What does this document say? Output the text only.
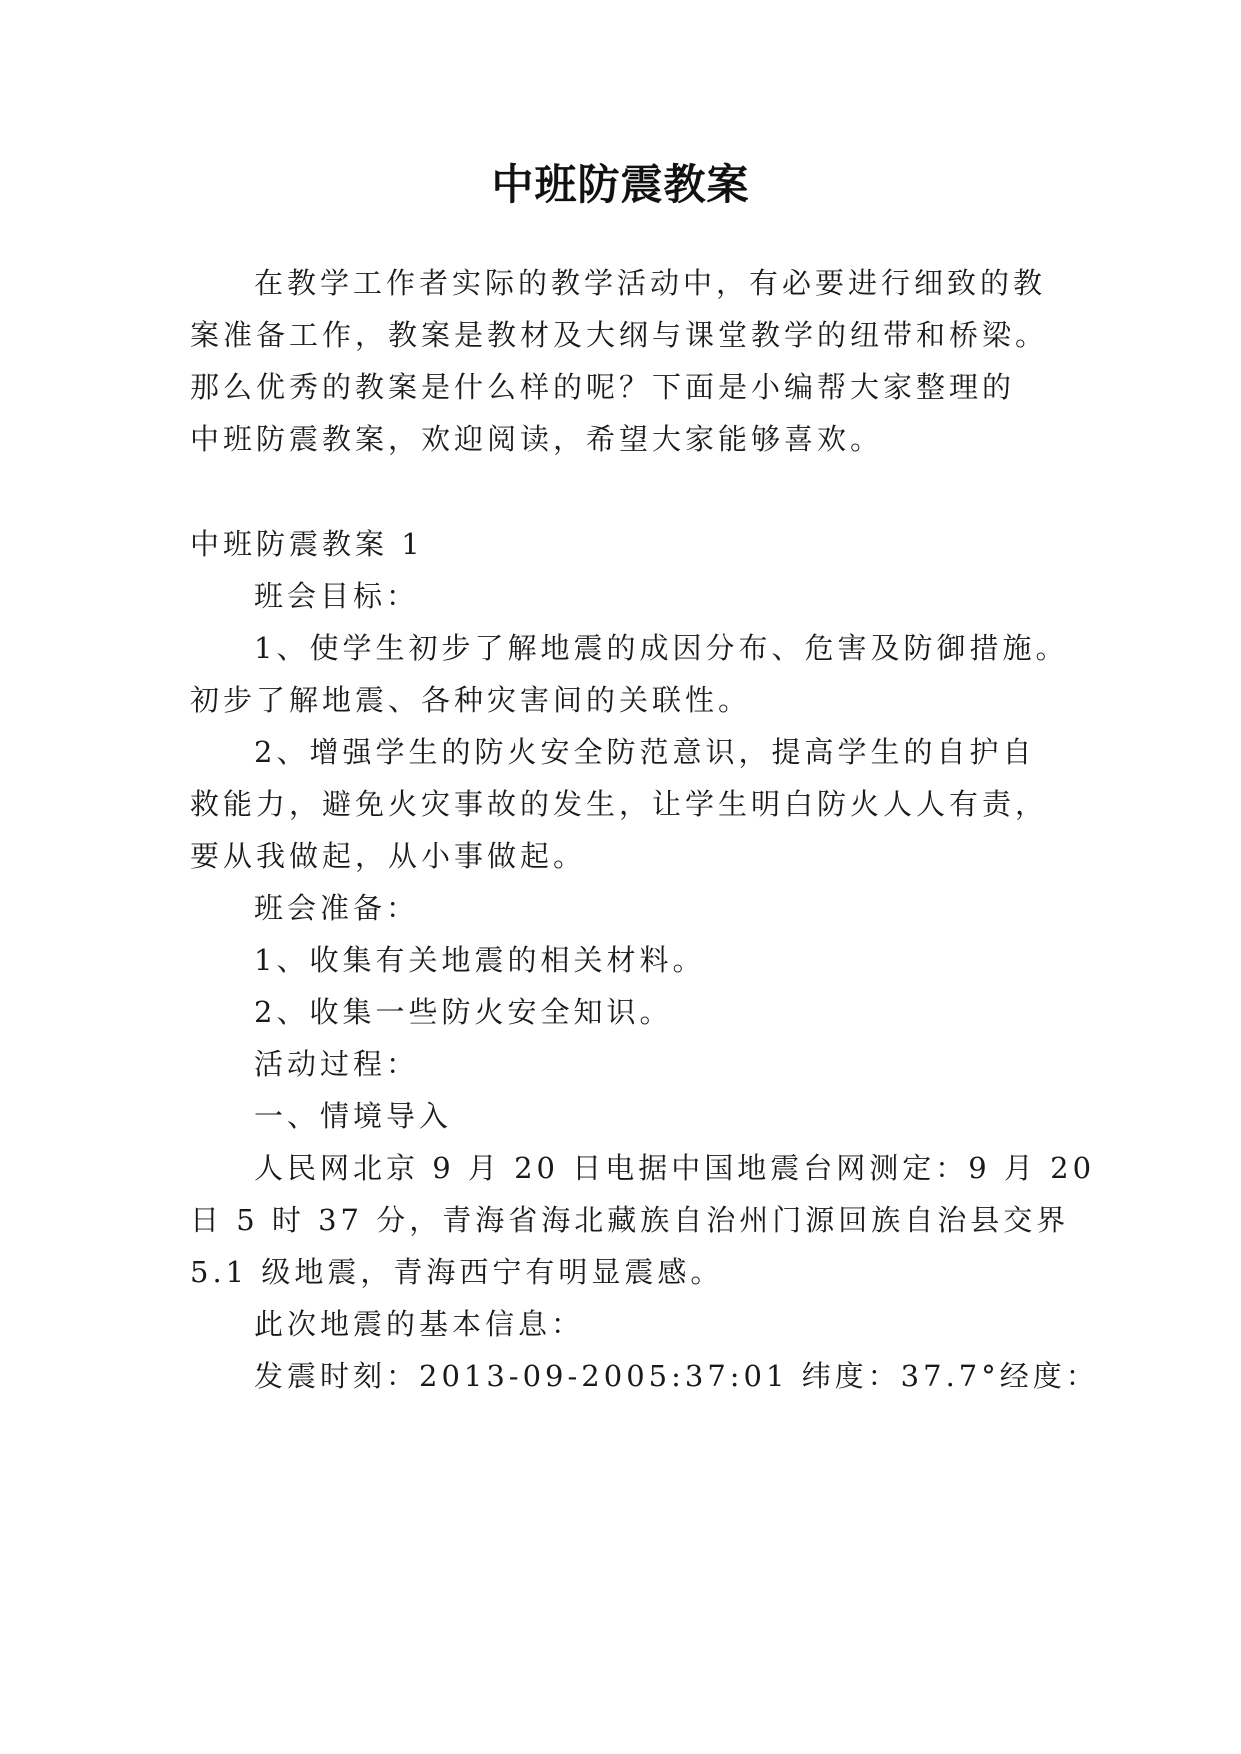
中班防震教案
在教学工作者实际的教学活动中，有必要进行细致的教
案准备工作，教案是教材及大纲与课堂教学的纽带和桥梁。
那么优秀的教案是什么样的呢？下面是小编帮大家整理的
中班防震教案，欢迎阅读，希望大家能够喜欢。
中班防震教案 1
班会目标：
1、使学生初步了解地震的成因分布、危害及防御措施。
初步了解地震、各种灾害间的关联性。
2、增强学生的防火安全防范意识，提高学生的自护自
救能力，避免火灾事故的发生，让学生明白防火人人有责，
要从我做起，从小事做起。
班会准备：
1、收集有关地震的相关材料。
2、收集一些防火安全知识。
活动过程：
一、情境导入
人民网北京 9 月 20 日电据中国地震台网测定：9 月 20
日 5 时 37 分，青海省海北藏族自治州门源回族自治县交界
5.1 级地震，青海西宁有明显震感。
此次地震的基本信息：
发震时刻：2013-09-2005:37:01 纬度：37.7°经度：
